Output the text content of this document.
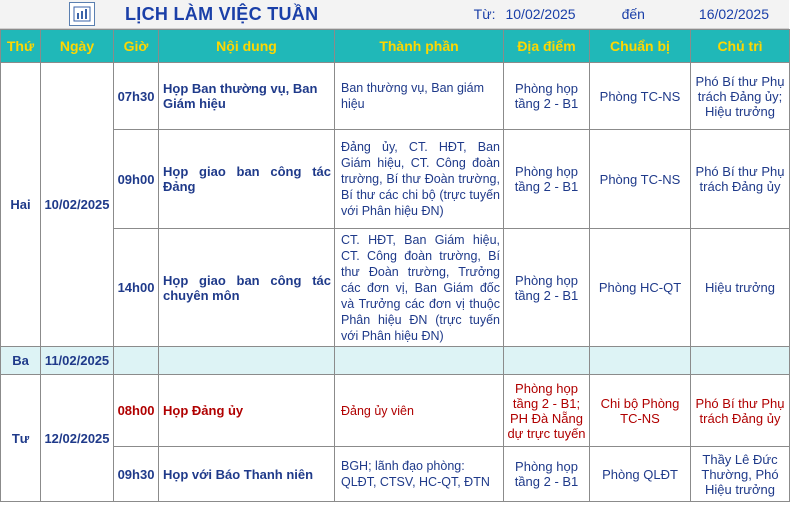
LỊCH LÀM VIỆC TUẦN	Từ: 10/02/2025	đến	16/02/2025
Thứ	Ngày	Giờ	Nội dung	Thành phần	Địa điểm	Chuẩn bị	Chủ trì
Hai	10/02/2025	07h30	Họp Ban thường vụ, Ban Giám hiệu	Ban thường vụ, Ban giám hiệu	Phòng họp tầng 2 - B1	Phòng TC-NS	Phó Bí thư Phụ trách Đảng ủy; Hiệu trưởng
		09h00	Họp giao ban công tác Đảng	Đảng ủy, CT. HĐT, Ban Giám hiệu, CT. Công đoàn trường, Bí thư Đoàn trường, Bí thư các chi bộ (trực tuyến với Phân hiệu ĐN)	Phòng họp tầng 2 - B1	Phòng TC-NS	Phó Bí thư Phụ trách Đảng ủy
		14h00	Họp giao ban công tác chuyên môn	CT. HĐT, Ban Giám hiệu, CT. Công đoàn trường, Bí thư Đoàn trường, Trưởng các đơn vị, Ban Giám đốc và Trưởng các đơn vị thuộc Phân hiệu ĐN (trực tuyến với Phân hiệu ĐN)	Phòng họp tầng 2 - B1	Phòng HC-QT	Hiệu trưởng
Ba	11/02/2025						
Tư	12/02/2025	08h00	Họp Đảng ủy	Đảng ủy viên	Phòng họp tầng 2 - B1; PH Đà Nẵng dự trực tuyến	Chi bộ Phòng TC-NS	Phó Bí thư Phụ trách Đảng ủy
		09h30	Họp với Báo Thanh niên	BGH; lãnh đạo phòng: QLĐT, CTSV, HC-QT, ĐTN	Phòng họp tầng 2 - B1	Phòng QLĐT	Thầy Lê Đức Thường, Phó Hiệu trưởng
